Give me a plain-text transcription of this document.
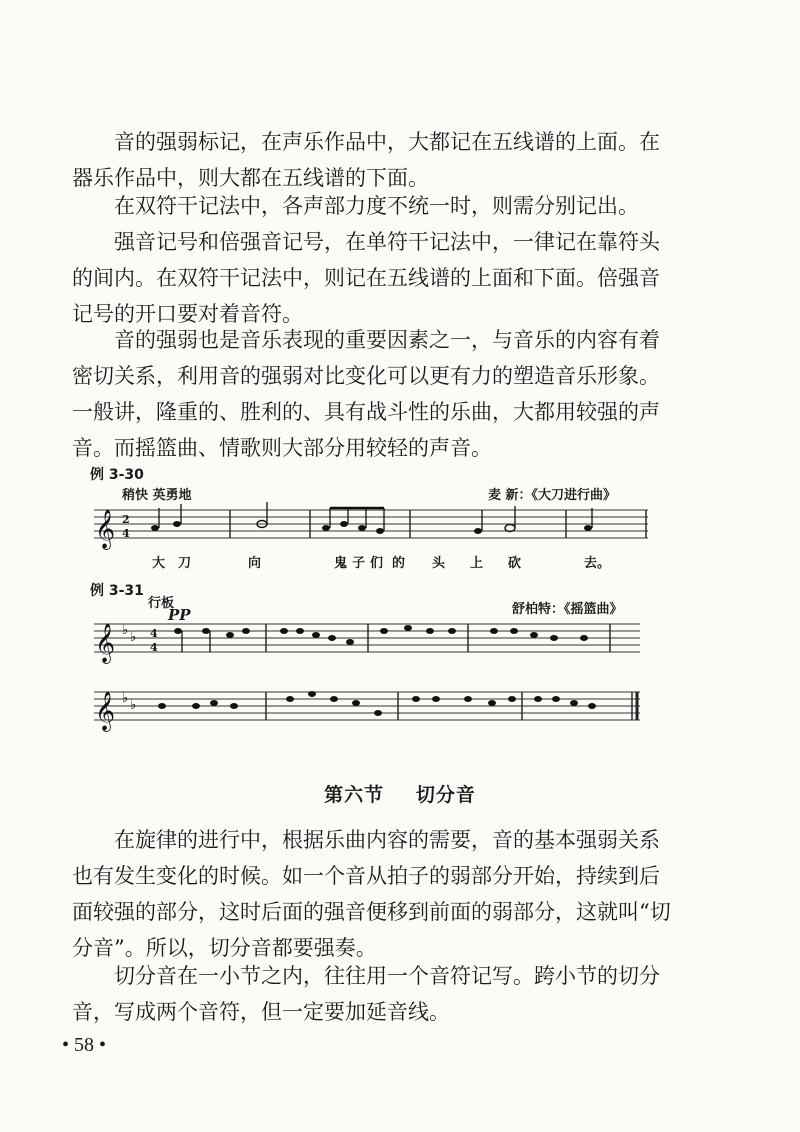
音的强弱标记，在声乐作品中，大都记在五线谱的上面。在器乐作品中，则大都在五线谱的下面。

在双符干记法中，各声部力度不统一时，则需分别记出。

强音记号和倍强音记号，在单符干记法中，一律记在靠符头的间内。在双符干记法中，则记在五线谱的上面和下面。倍强音记号的开口要对着音符。

音的强弱也是音乐表现的重要因素之一，与音乐的内容有着密切关系，利用音的强弱对比变化可以更有力的塑造音乐形象。一般讲，隆重的、胜利的、具有战斗性的乐曲，大都用较强的声音。而摇篮曲、情歌则大部分用较轻的声音。

例 3-30
稍快 英勇地	麦 新：《大刀进行曲》
𝄞 2
4
大 刀	向	鬼 子 们 的 头 上 砍	去。
例 3-31
行板
PP	舒柏特：《摇篮曲》
𝄞 ♭ ♭ 4
4
𝄞 ♭ ♭
第六节 切分音

在旋律的进行中，根据乐曲内容的需要，音的基本强弱关系也有发生变化的时候。如一个音从拍子的弱部分开始，持续到后面较强的部分，这时后面的强音便移到前面的弱部分，这就叫“切分音”。所以，切分音都要强奏。

切分音在一小节之内，往往用一个音符记写。跨小节的切分音，写成两个音符，但一定要加延音线。

• 58 •
